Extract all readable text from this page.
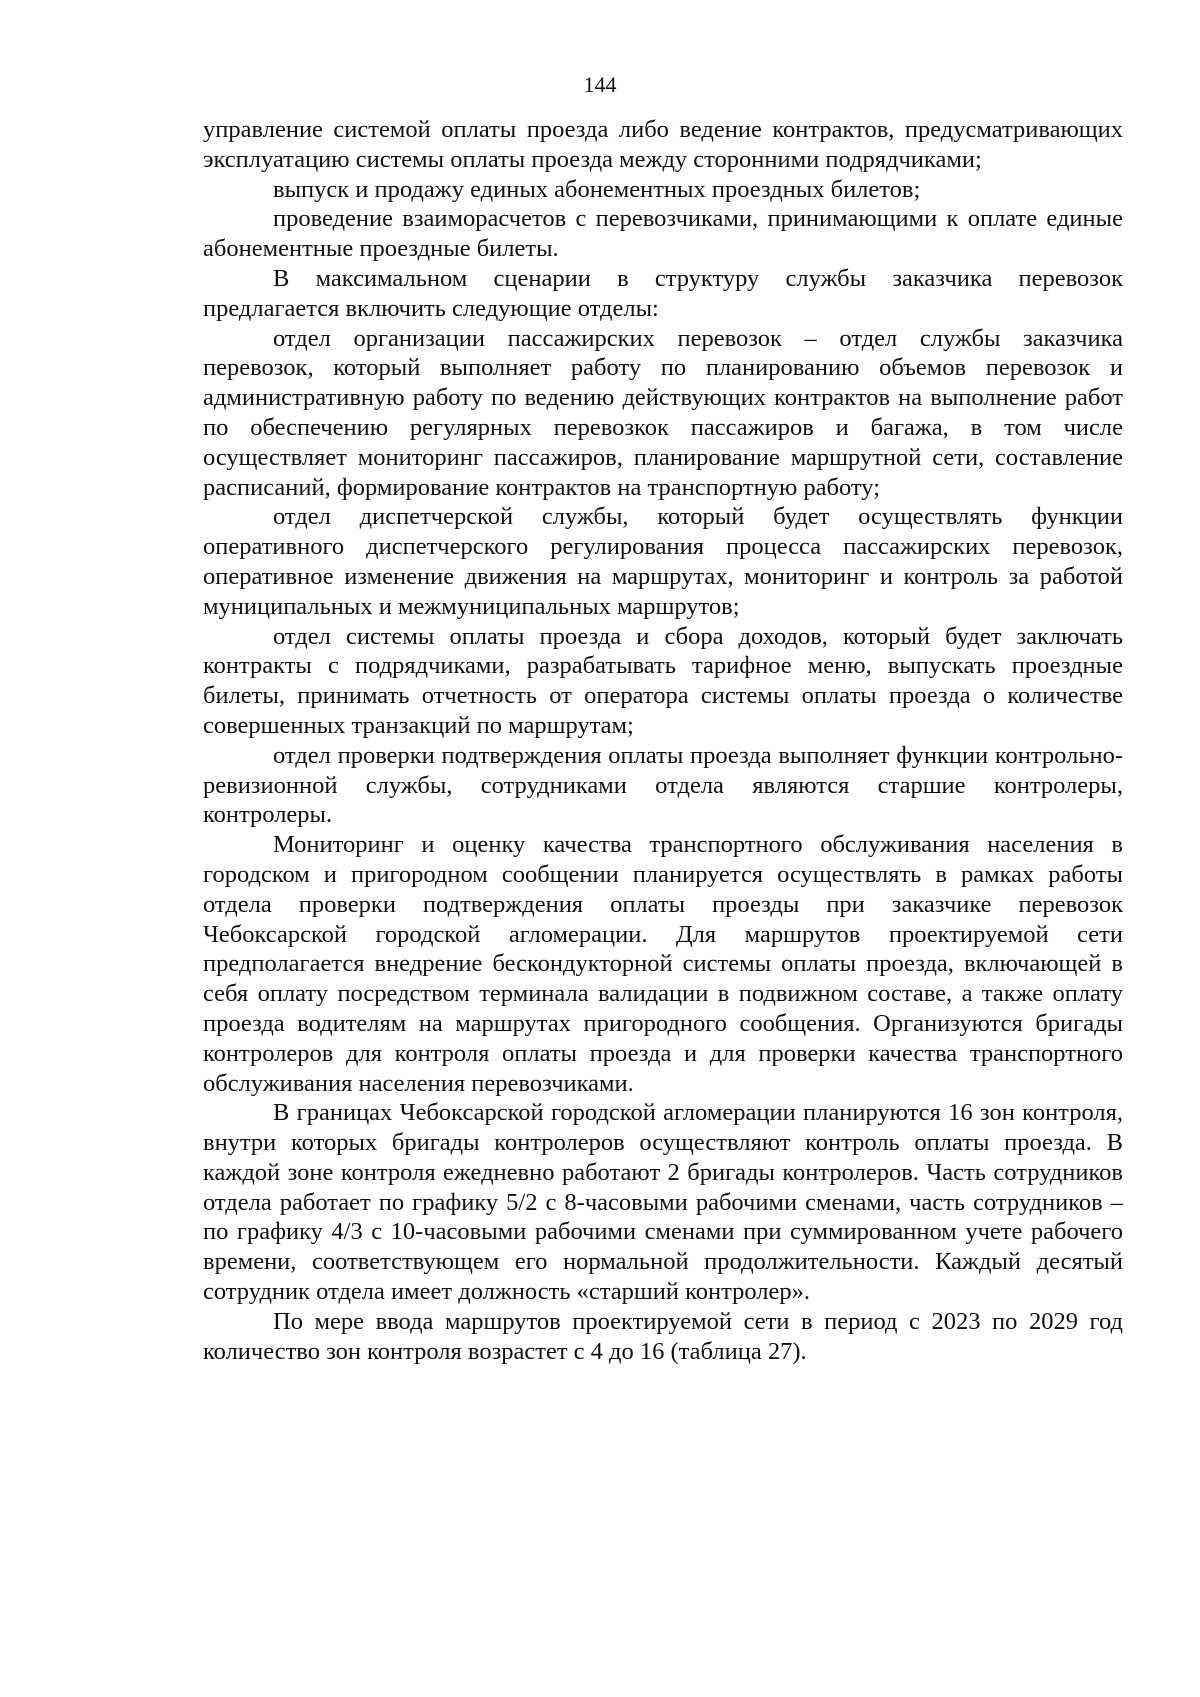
144

управление системой оплаты проезда либо ведение контрактов, предусматривающих эксплуатацию системы оплаты проезда между сторонними подрядчиками;

выпуск и продажу единых абонементных проездных билетов;

проведение взаиморасчетов с перевозчиками, принимающими к оплате единые абонементные проездные билеты.

В максимальном сценарии в структуру службы заказчика перевозок предлагается включить следующие отделы:

отдел организации пассажирских перевозок – отдел службы заказчика перевозок, который выполняет работу по планированию объемов перевозок и административную работу по ведению действующих контрактов на выполнение работ по обеспечению регулярных перевозкок пассажиров и багажа, в том числе осуществляет мониторинг пассажиров, планирование маршрутной сети, составление расписаний, формирование контрактов на транспортную работу;

отдел диспетчерской службы, который будет осуществлять функции оперативного диспетчерского регулирования процесса пассажирских перевозок, оперативное изменение движения на маршрутах, мониторинг и контроль за работой муниципальных и межмуниципальных маршрутов;

отдел системы оплаты проезда и сбора доходов, который будет заключать контракты с подрядчиками, разрабатывать тарифное меню, выпускать проездные билеты, принимать отчетность от оператора системы оплаты проезда о количестве совершенных транзакций по маршрутам;

отдел проверки подтверждения оплаты проезда выполняет функции контрольно-ревизионной службы, сотрудниками отдела являются старшие контролеры, контролеры.

Мониторинг и оценку качества транспортного обслуживания населения в городском и пригородном сообщении планируется осуществлять в рамках работы отдела проверки подтверждения оплаты проезды при заказчике перевозок Чебоксарской городской агломерации. Для маршрутов проектируемой сети предполагается внедрение бескондукторной системы оплаты проезда, включающей в себя оплату посредством терминала валидации в подвижном составе, а также оплату проезда водителям на маршрутах пригородного сообщения. Организуются бригады контролеров для контроля оплаты проезда и для проверки качества транспортного обслуживания населения перевозчиками.

В границах Чебоксарской городской агломерации планируются 16 зон контроля, внутри которых бригады контролеров осуществляют контроль оплаты проезда. В каждой зоне контроля ежедневно работают 2 бригады контролеров. Часть сотрудников отдела работает по графику 5/2 с 8-часовыми рабочими сменами, часть сотрудников – по графику 4/3 с 10-часовыми рабочими сменами при суммированном учете рабочего времени, соответствующем его нормальной продолжительности. Каждый десятый сотрудник отдела имеет должность «старший контролер».

По мере ввода маршрутов проектируемой сети в период с 2023 по 2029 год количество зон контроля возрастет с 4 до 16 (таблица 27).
